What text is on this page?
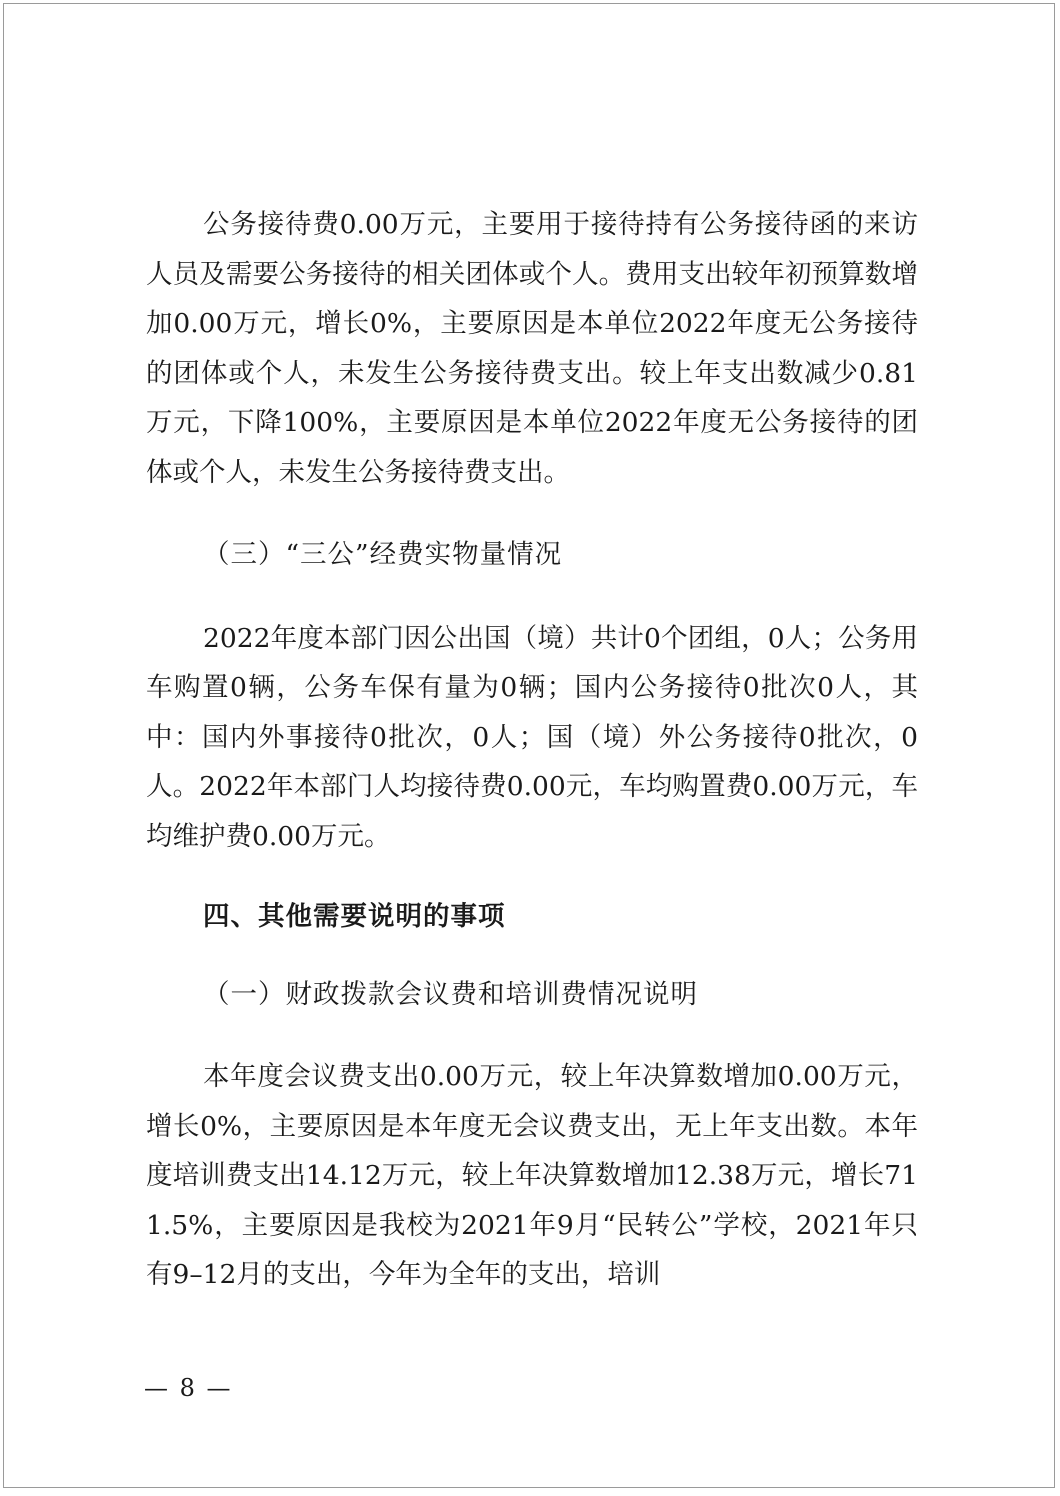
公务接待费0.00万元，主要用于接待持有公务接待函的来访人员及需要公务接待的相关团体或个人。费用支出较年初预算数增加0.00万元，增长0%，主要原因是本单位2022年度无公务接待的团体或个人，未发生公务接待费支出。较上年支出数减少0.81万元，下降100%，主要原因是本单位2022年度无公务接待的团体或个人，未发生公务接待费支出。

（三）“三公”经费实物量情况

2022年度本部门因公出国（境）共计0个团组，0人；公务用车购置0辆，公务车保有量为0辆；国内公务接待0批次0人，其中：国内外事接待0批次，0人；国（境）外公务接待0批次，0人。2022年本部门人均接待费0.00元，车均购置费0.00万元，车均维护费0.00万元。

四、其他需要说明的事项

（一）财政拨款会议费和培训费情况说明

本年度会议费支出0.00万元，较上年决算数增加0.00万元，增长0%，主要原因是本年度无会议费支出，无上年支出数。本年度培训费支出14.12万元，较上年决算数增加12.38万元，增长711.5%，主要原因是我校为2021年9月“民转公”学校，2021年只有9–12月的支出，今年为全年的支出，培训

— 8 —
